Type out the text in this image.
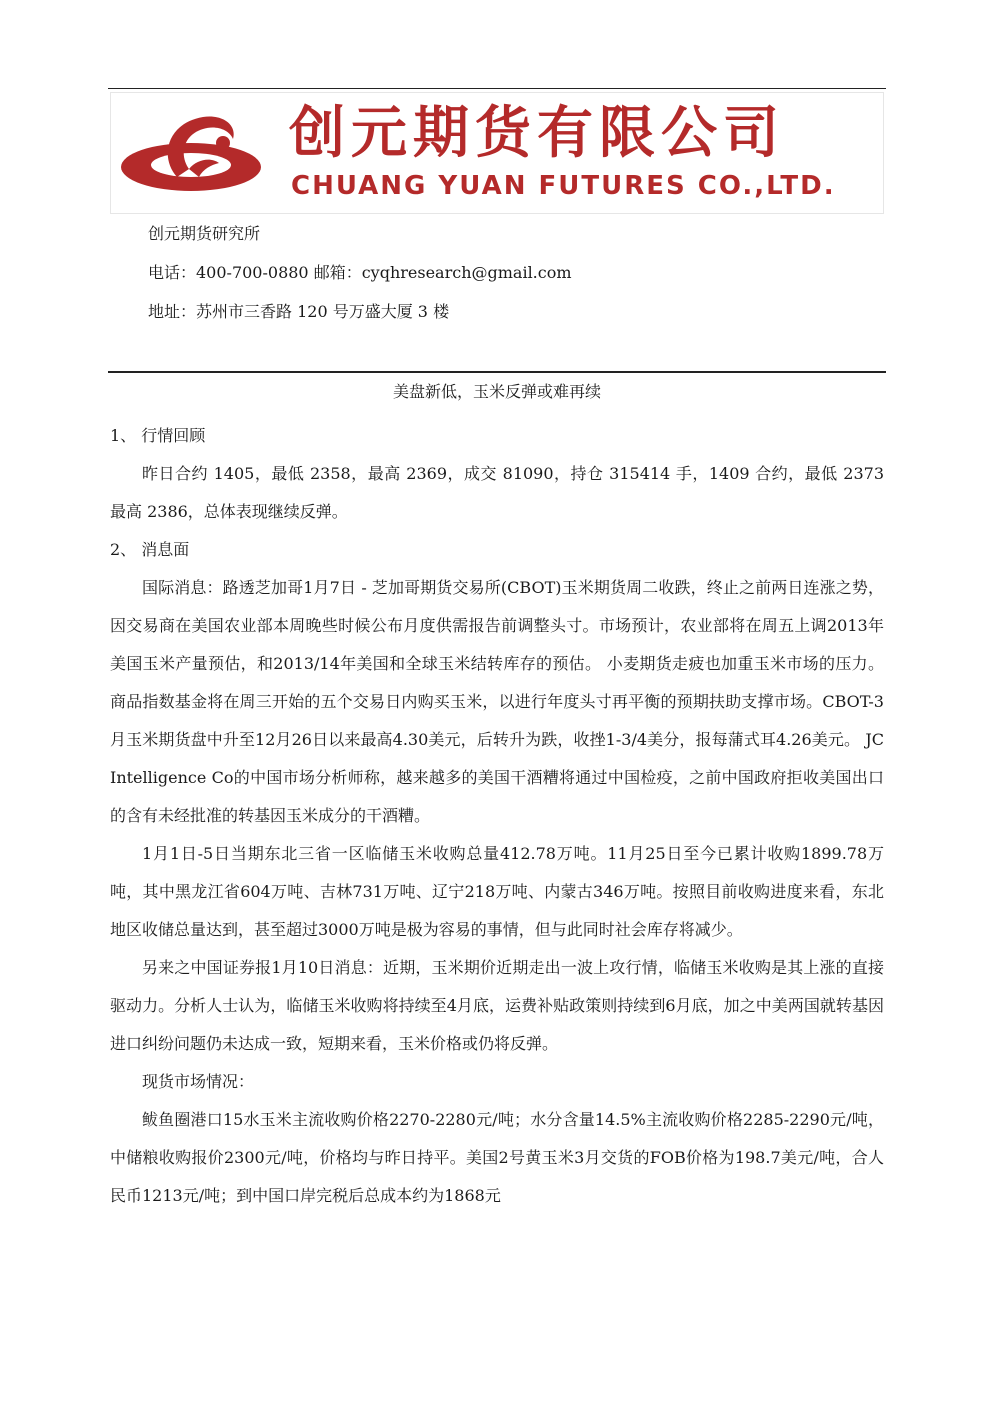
创元期货有限公司
CHUANG YUAN FUTURES CO.,LTD.
创元期货研究所
电话：400-700-0880 邮箱：cyqhresearch@gmail.com
地址：苏州市三香路 120 号万盛大厦 3 楼
美盘新低，玉米反弹或难再续

1、 行情回顾

昨日合约 1405，最低 2358，最高 2369，成交 81090，持仓 315414 手，1409 合约，最低 2373 最高 2386，总体表现继续反弹。

2、 消息面

国际消息：路透芝加哥1月7日 - 芝加哥期货交易所(CBOT)玉米期货周二收跌，终止之前两日连涨之势，因交易商在美国农业部本周晚些时候公布月度供需报告前调整头寸。市场预计，农业部将在周五上调2013年美国玉米产量预估，和2013/14年美国和全球玉米结转库存的预估。 小麦期货走疲也加重玉米市场的压力。商品指数基金将在周三开始的五个交易日内购买玉米，以进行年度头寸再平衡的预期扶助支撑市场。CBOT-3月玉米期货盘中升至12月26日以来最高4.30美元，后转升为跌，收挫1-3/4美分，报每蒲式耳4.26美元。 JC Intelligence Co的中国市场分析师称，越来越多的美国干酒糟将通过中国检疫，之前中国政府拒收美国出口的含有未经批准的转基因玉米成分的干酒糟。

1月1日-5日当期东北三省一区临储玉米收购总量412.78万吨。11月25日至今已累计收购1899.78万吨，其中黑龙江省604万吨、吉林731万吨、辽宁218万吨、内蒙古346万吨。按照目前收购进度来看，东北地区收储总量达到，甚至超过3000万吨是极为容易的事情，但与此同时社会库存将减少。

另来之中国证券报1月10日消息：近期，玉米期价近期走出一波上攻行情，临储玉米收购是其上涨的直接驱动力。分析人士认为，临储玉米收购将持续至4月底，运费补贴政策则持续到6月底，加之中美两国就转基因进口纠纷问题仍未达成一致，短期来看，玉米价格或仍将反弹。

现货市场情况：

鲅鱼圈港口15水玉米主流收购价格2270-2280元/吨；水分含量14.5%主流收购价格2285-2290元/吨，中储粮收购报价2300元/吨，价格均与昨日持平。美国2号黄玉米3月交货的FOB价格为198.7美元/吨，合人民币1213元/吨；到中国口岸完税后总成本约为1868元
